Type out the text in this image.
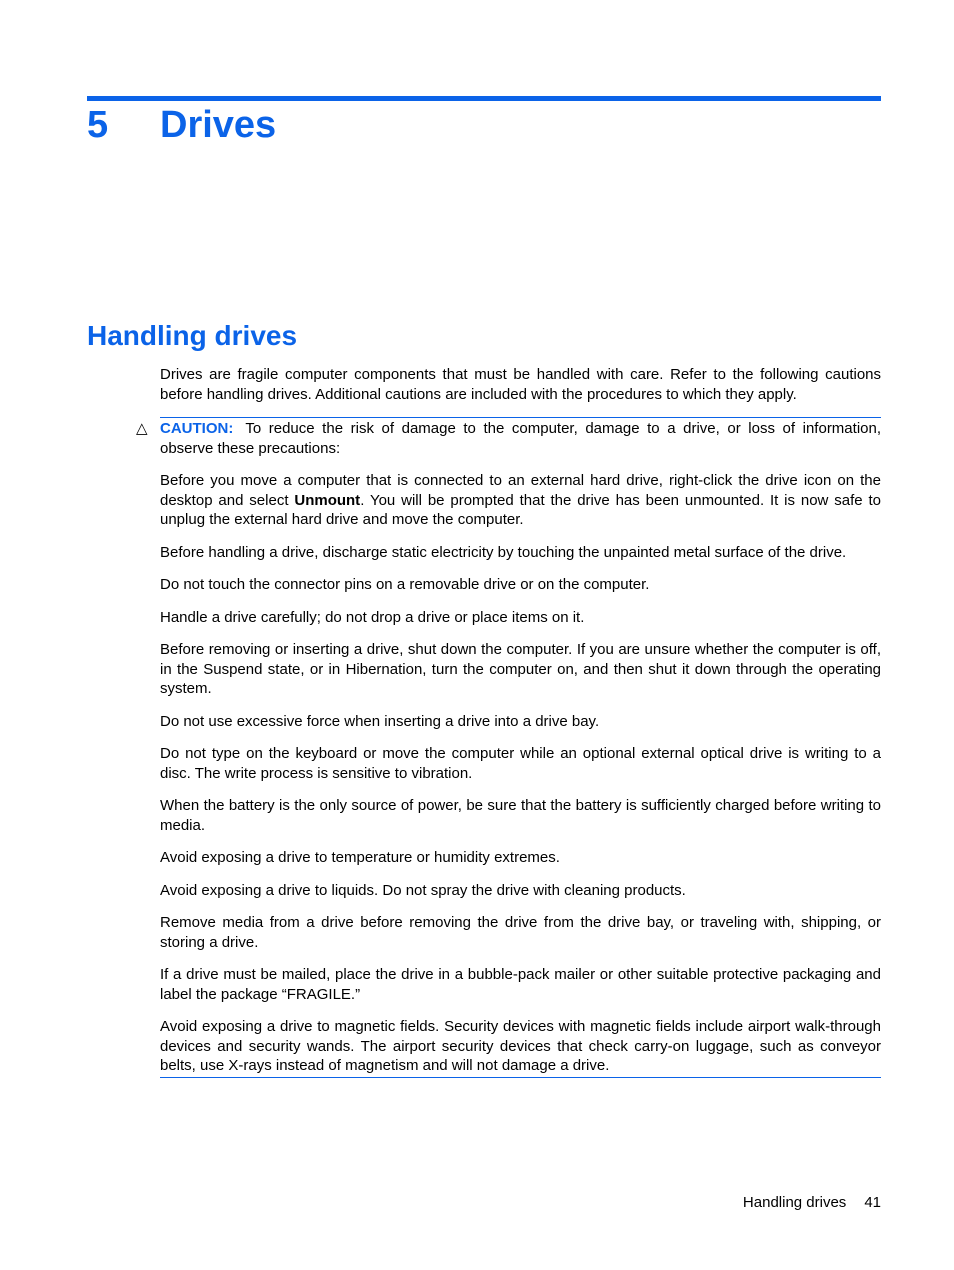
5 Drives
Handling drives

Drives are fragile computer components that must be handled with care. Refer to the following cautions before handling drives. Additional cautions are included with the procedures to which they apply.

△ CAUTION: To reduce the risk of damage to the computer, damage to a drive, or loss of information, observe these precautions:

Before you move a computer that is connected to an external hard drive, right-click the drive icon on the desktop and select Unmount. You will be prompted that the drive has been unmounted. It is now safe to unplug the external hard drive and move the computer.

Before handling a drive, discharge static electricity by touching the unpainted metal surface of the drive.

Do not touch the connector pins on a removable drive or on the computer.

Handle a drive carefully; do not drop a drive or place items on it.

Before removing or inserting a drive, shut down the computer. If you are unsure whether the computer is off, in the Suspend state, or in Hibernation, turn the computer on, and then shut it down through the operating system.

Do not use excessive force when inserting a drive into a drive bay.

Do not type on the keyboard or move the computer while an optional external optical drive is writing to a disc. The write process is sensitive to vibration.

When the battery is the only source of power, be sure that the battery is sufficiently charged before writing to media.

Avoid exposing a drive to temperature or humidity extremes.

Avoid exposing a drive to liquids. Do not spray the drive with cleaning products.

Remove media from a drive before removing the drive from the drive bay, or traveling with, shipping, or storing a drive.

If a drive must be mailed, place the drive in a bubble-pack mailer or other suitable protective packaging and label the package “FRAGILE.”

Avoid exposing a drive to magnetic fields. Security devices with magnetic fields include airport walk-through devices and security wands. The airport security devices that check carry-on luggage, such as conveyor belts, use X-rays instead of magnetism and will not damage a drive.

Handling drives 41
